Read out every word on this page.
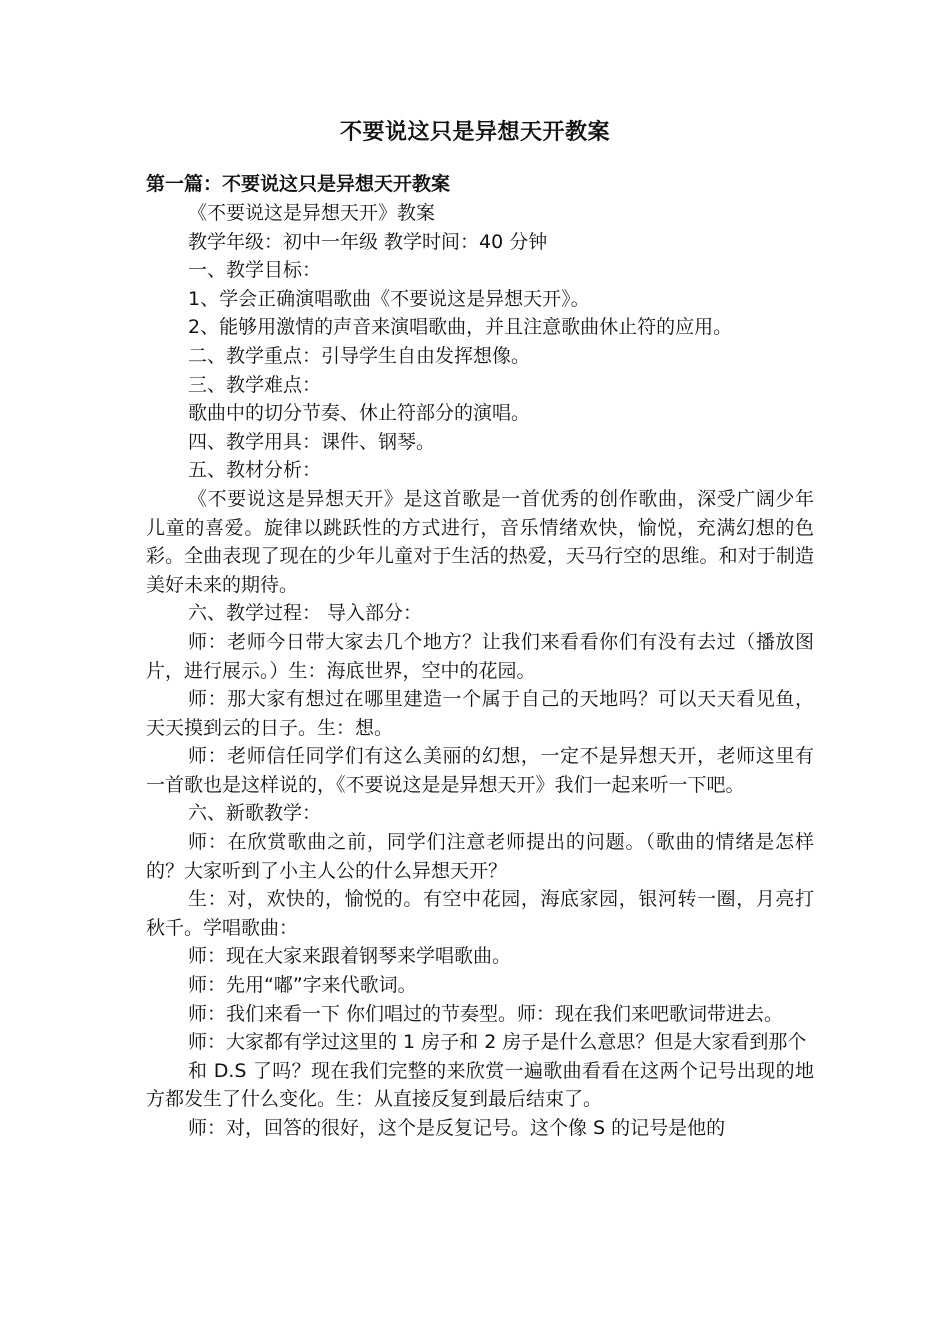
不要说这只是异想天开教案
第一篇：不要说这只是异想天开教案

《不要说这是异想天开》教案

教学年级：初中一年级 教学时间：40 分钟

一、教学目标：

1、学会正确演唱歌曲《不要说这是异想天开》。

2、能够用激情的声音来演唱歌曲，并且注意歌曲休止符的应用。

二、教学重点：引导学生自由发挥想像。

三、教学难点：

歌曲中的切分节奏、休止符部分的演唱。

四、教学用具：课件、钢琴。

五、教材分析：

《不要说这是异想天开》是这首歌是一首优秀的创作歌曲，深受广阔少年儿童的喜爱。旋律以跳跃性的方式进行，音乐情绪欢快，愉悦，充满幻想的色彩。全曲表现了现在的少年儿童对于生活的热爱，天马行空的思维。和对于制造美好未来的期待。

六、教学过程： 导入部分：

师：老师今日带大家去几个地方？让我们来看看你们有没有去过（播放图片，进行展示。）生：海底世界，空中的花园。

师：那大家有想过在哪里建造一个属于自己的天地吗？可以天天看见鱼，天天摸到云的日子。生：想。

师：老师信任同学们有这么美丽的幻想，一定不是异想天开，老师这里有一首歌也是这样说的，《不要说这是是异想天开》我们一起来听一下吧。

六、新歌教学：

师：在欣赏歌曲之前，同学们注意老师提出的问题。（歌曲的情绪是怎样的？大家听到了小主人公的什么异想天开？

生：对，欢快的，愉悦的。有空中花园，海底家园，银河转一圈，月亮打秋千。学唱歌曲：

师：现在大家来跟着钢琴来学唱歌曲。

师：先用“嘟”字来代歌词。

师：我们来看一下 你们唱过的节奏型。师：现在我们来吧歌词带进去。

师：大家都有学过这里的 1 房子和 2 房子是什么意思？但是大家看到那个

和 D.S 了吗？现在我们完整的来欣赏一遍歌曲看看在这两个记号出现的地方都发生了什么变化。生：从直接反复到最后结束了。

师：对，回答的很好，这个是反复记号。这个像 S 的记号是他的
